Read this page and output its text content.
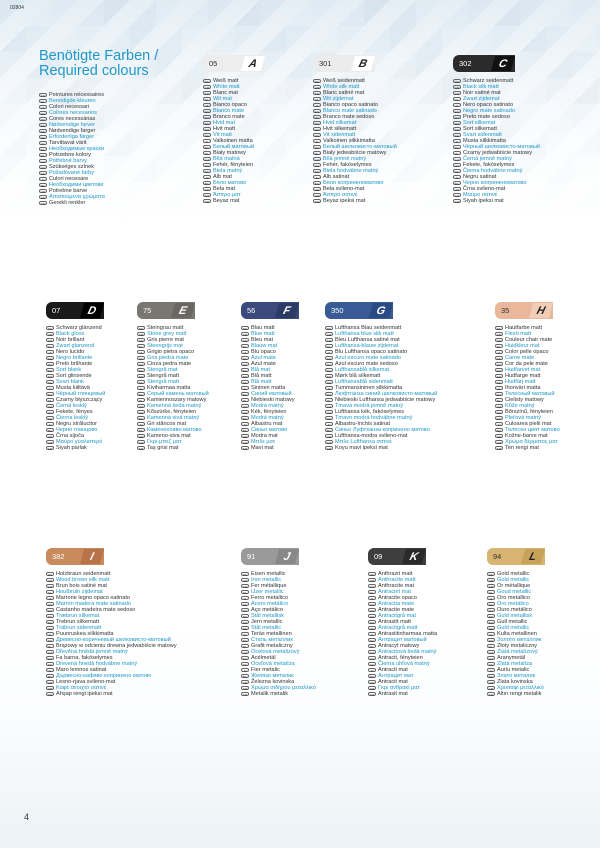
02804
Benötigte Farben /
Required colours
FR Peintures nécessaires
NL Benodigde kleuren
IT Colori necessari
ES Colores necesarios
PT Cores necessárias
DK Nødvendige farver
NO Nødvendige farger
SE Erforderliga färger
FI Tarvittavat värit
RU Необходимые краски
PL Potrzebne kolory
CZ Potřebné barvy
HU Szükséges színek
SK Požadované farby
SI Culori necesare
BG Необходими цветове
HR Potrebne barve
GR Απαιτούμενα χρώματα
TR Gerekli renkler
05	A
DE Weiß matt
GB White matt
FR Blanc mat
NL Wit mat
IT Bianco opaco
ES Blanco mate
PT Branco mate
DK Hvid mat
NO Hvit matt
SE Vit matt
FI Valkoinen matta
RU Белый матовый
PL Biały matowy
CZ Bílá matná
HU Fehér, fényteien
SK Biela matný
SI Alb mat
BG Бяло матово
HR Bela mat
GR Άσπρο ματ
TR Beyaz mat
301	B
DE Weiß seidenmatt
GB White silk matt
FR Blanc satiné mat
NL Wit zijdemat
IT Bianco opaco satinato
ES Blanco mate satinado
PT Branco mate sedoso
DK Hvid silkemat
NO Hvit silkematt
SE Vit sidenmatt
FI Valkoinen silkkimatta
RU Белый шелковисто-матовый
PL Biały jedwabiście matowy
CZ Bílá jemně matný
HU Fehér, fakóselymes
SK Biela hodvábne matný
SI Alb satinat
BG Бяло коприненоматово
HR Bela svileno-mat
GR Άσπρο σατινέ
TR Beyaz ipeksi mat
302	C
DE Schwarz seidenmatt
GB Black silk matt
FR Noir satiné mat
NL Zwart zijdemat
IT Nero opaco satinato
ES Negro mate satinado
PT Preto mate sedoso
DK Sort silkemat
NO Sort silkematt
SE Svart sidenmatt
FI Musta silkkimatta
RU Чёрный шелковисто-матовый
PL Czarny jedwabiście matowy
CZ Černá jemně matný
HU Fekete, fakóselymes
SK Čierna hodvábne matný
SI Negru satinat
BG Черно коприненоматово
HR Črna svileno-mat
GR Μαύρο σατινέ
TR Siyah ipeksi mat
07	D
DE Schwarz glänzend
GB Black gloss
FR Noir brillant
NL Zwart glanzend
IT Nero lucido
ES Negro brillante
PT Preto brilhante
DK Sort blank
NO Sort glinsende
SE Svart blank
FI Musta kiiltävä
RU Чёрный глянцевый
PL Czarny błyszczący
CZ Černá lesklý
HU Fekete, fényes
SK Čierna lesklý
SI Negru strălucitor
BG Черно гланцово
HR Črna sijoča
GR Μαύρο γυαλιστερό
TR Siyah parlak
75	E
DE Steingrau matt
GB Stone grey matt
FR Gris pierre mat
NL Steengrijs mat
IT Grigio pietra opaco
ES Gris piedra mate
PT Cinza pedra mate
DK Stengrå mat
NO Stengrå matt
SE Stengrå matt
FI Kiviharmaa matta
RU Серый камень матовый
PL Kamiennoszary matowy
CZ Kamenná šedá matný
HU Kőszürke, fényteien
SK Kamenná sivá matný
SI Gri stâncos mat
BG Каменносиво матово
HR Kameno-siva mat
GR Γκρι-μπεζ ματ
TR Taş grisi mat
56	F
DE Blau matt
GB Blue matt
FR Bleu mat
NL Blauw mat
IT Blu opaco
ES Azul mate
PT Azul mate
DK Blå mat
NO Blå matt
SE Blå matt
FI Sininen matta
RU Синий матовый
PL Niebieski matowy
CZ Modrá matný
HU Kék, fényteien
SK Modrá matný
SI Albastru mat
BG Синьо матово
HR Modra mat
GR Μπλε ματ
TR Mavi mat
350	G
DE Lufthansa Blau seidenmatt
GB Lufthansa blue silk matt
FR Bleu Lufthansa satiné mat
NL Lufthansa-blauw zijdemat
IT Blu Lufthansa opaco satinato
ES Azul oscuro mate satinado
PT Azul escuro mate sedoso
DK Lufthansablå silkemat
NO Mørk blå silkematt
SE Lufthansablå sidenmatt
FI Tummansininen silkkimatta
RU Люфтганза синий шелковисто-матовый
PL Niebieski Lufthansa jedwabiście matowy
CZ Tmavá modrá jemně matný
HU Lufthansa kék, fakóselymes
SK Tmavo modrá hodvábne matný
SI Albastru-închis satinat
BG Синьо Луфтханза копринено матово
HR Lufthansa-modra svileno-mat
GR Μπλε Lufthansa σατινέ
TR Koyu mavi ipeksi mat
35	H
DE Hautfarbe matt
GB Flesh matt
FR Couleur chair mate
NL Huidkleur mat
IT Color pelle opaco
ES Carne mate
PT Cor da pele mate
DK Hudfarvet mat
NO Hudfarge matt
SE Hudfärj matt
FI Ihonväri matta
RU Телесный матовый
PL Cielisty matowy
CZ Kůže matný
HU Bőrszínű, fényteien
SK Pleťová matný
SI Culoarea pielii mat
BG Телесен цвят матово
HR Kožne-barve mat
GR Χρώμα δέρματος ματ
TR Ten rengi mat
382	I
DE Holzbraun seidenmatt
GB Wood brown silk matt
FR Brun bois satiné mat
NL Houtbruin zijdemat
IT Marrone legno opaco satinato
ES Marrón madera mate satinado
PT Castanho madeira mate sedoso
DK Træbrun silkemat
NO Trebrun silkematt
SE Träbrun sidenmatt
FI Puunruskea silkkimatta
RU Древесно-коричневый шелковисто-матовый
PL Brązowy w odcieniu drewna jedwabiście matowy
CZ Dřevěná hnědá jemně matný
HU Fa barna, fakóselymes
SK Drevená hnedá hodvábne matný
SI Maro lemnos satinat
BG Дървесно-кафяво копринено матово
HR Lesno-rjava svileno-mat
GR Καφέ ανοιχτό σατινέ
TR Ahşap rengi ipeksi mat
91	J
DE Eisen metallic
GB Iron metallic
FR Fer métallique
NL IJzer metallic
IT Ferro metallico
ES Acero metálico
PT Aço metálico
DK Stål metallisk
NO Jern metallic
SE Stål metallic
FI Teräs metallinen
RU Сталь металлик
PL Grafit metaliczny
CZ Ocelová metalizový
HU Acélmetál
SK Oceľová metalíza
SI Fier metalic
BG Желязо металик
HR Železna kovinska
GR Χρώμα σιδήρου μεταλλικό
TR Metalik metalik
09	K
DE Anthrazit matt
GB Anthracite matt
FR Anthracite mat
NL Antraciet mat
IT Antracite opaco
ES Antracita mate
PT Antracite mate
DK Antracitgrå mat
NO Antrasitt matt
SE Antracitgrå matt
FI Antrasiitinharmaa matta
RU Антрацит матовый
PL Antracyt matowy
CZ Antracitová šedá matný
HU Antracit, fényteien
SK Čierna uhľová matný
SI Antracit mat
BG Антрацит мат
HR Antracit mat
GR Γκρι ανθρακί ματ
TR Antrasit mat
94	L
DE Gold metallic
GB Gold metallic
FR Or métallique
NL Goud metallic
IT Oro metallico
ES Oro metálico
PT Ouro metálico
DK Guld metallisk
NO Gull metallic
SE Guld metallic
FI Kulta metallinen
RU Золото металлик
PL Złoty metaliczny
CZ Zlatá metalízový
HU Aranymetál
SK Zlatá metalíza
SI Auriu metalic
BG Злато металик
HR Zlata kovinska
GR Χρυσαφί μεταλλικό
TR Altın rengi metalik
4
